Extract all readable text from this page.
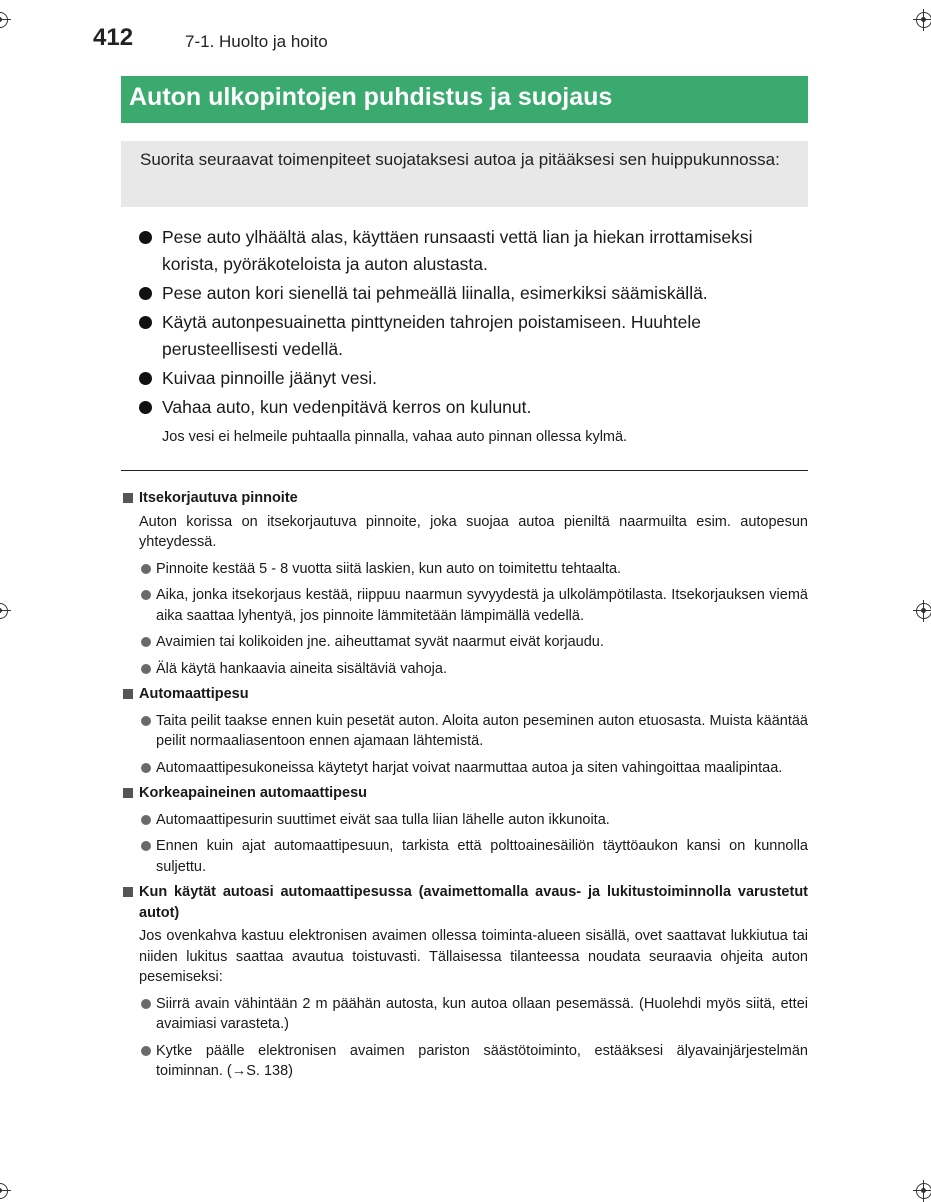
412	7-1. Huolto ja hoito
Auton ulkopintojen puhdistus ja suojaus
Suorita seuraavat toimenpiteet suojataksesi autoa ja pitääksesi sen huippukunnossa:
Pese auto ylhäältä alas, käyttäen runsaasti vettä lian ja hiekan irrottamiseksi korista, pyöräkoteloista ja auton alustasta.
Pese auton kori sienellä tai pehmeällä liinalla, esimerkiksi säämiskällä.
Käytä autonpesuainetta pinttyneiden tahrojen poistamiseen. Huuhtele perusteellisesti vedellä.
Kuivaa pinnoille jäänyt vesi.
Vahaa auto, kun vedenpitävä kerros on kulunut.
Jos vesi ei helmeile puhtaalla pinnalla, vahaa auto pinnan ollessa kylmä.
Itsekorjautuva pinnoite
Auton korissa on itsekorjautuva pinnoite, joka suojaa autoa pieniltä naarmuilta esim. autopesun yhteydessä.
Pinnoite kestää 5 - 8 vuotta siitä laskien, kun auto on toimitettu tehtaalta.
Aika, jonka itsekorjaus kestää, riippuu naarmun syvyydestä ja ulkolämpötilasta. Itsekorjauksen viemä aika saattaa lyhentyä, jos pinnoite lämmitetään lämpimällä vedellä.
Avaimien tai kolikoiden jne. aiheuttamat syvät naarmut eivät korjaudu.
Älä käytä hankaavia aineita sisältäviä vahoja.
Automaattipesu
Taita peilit taakse ennen kuin pesetät auton. Aloita auton peseminen auton etuosasta. Muista kääntää peilit normaaliasentoon ennen ajamaan lähtemistä.
Automaattipesukoneissa käytetyt harjat voivat naarmuttaa autoa ja siten vahingoittaa maalipintaa.
Korkeapaineinen automaattipesu
Automaattipesurin suuttimet eivät saa tulla liian lähelle auton ikkunoita.
Ennen kuin ajat automaattipesuun, tarkista että polttoainesäiliön täyttöaukon kansi on kunnolla suljettu.
Kun käytät autoasi automaattipesussa (avaimettomalla avaus- ja lukitustoiminnolla varustetut autot)
Jos ovenkahva kastuu elektronisen avaimen ollessa toiminta-alueen sisällä, ovet saattavat lukkiutua tai niiden lukitus saattaa avautua toistuvasti. Tällaisessa tilanteessa noudata seuraavia ohjeita auton pesemiseksi:
Siirrä avain vähintään 2 m päähän autosta, kun autoa ollaan pesemässä. (Huolehdi myös siitä, ettei avaimiasi varasteta.)
Kytke päälle elektronisen avaimen pariston säästötoiminto, estääksesi älyavainjärjestelmän toiminnan. (→S. 138)
